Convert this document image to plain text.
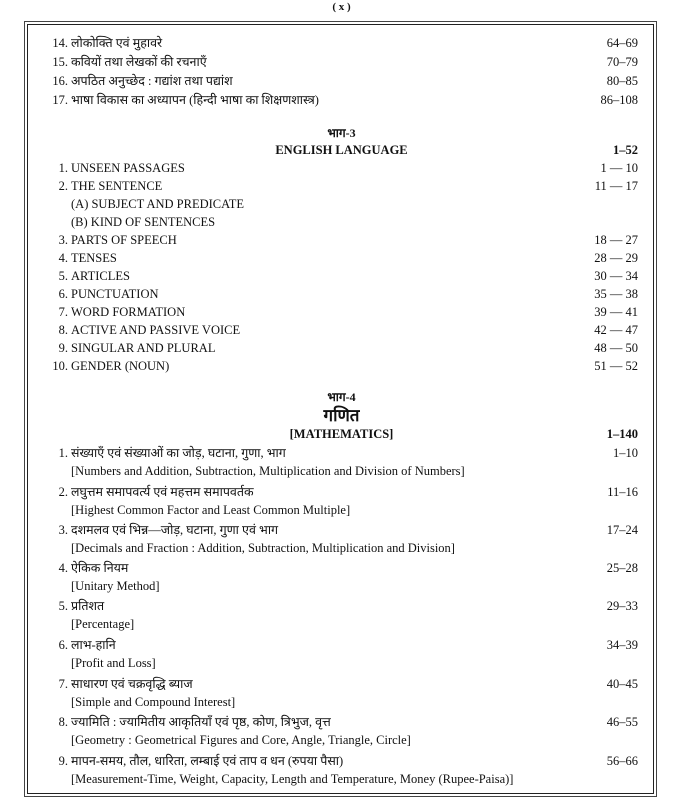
( x )
14. लोकोक्ति एवं मुहावरे	64–69
15. कवियों तथा लेखकों की रचनाएँ	70–79
16. अपठित अनुच्छेद : गद्यांश तथा पद्यांश	80–85
17. भाषा विकास का अध्यापन (हिन्दी भाषा का शिक्षणशास्त्र)	86–108
भाग-3
ENGLISH LANGUAGE	1–52
1. UNSEEN PASSAGES	1 — 10
2. THE SENTENCE	11 — 17
(A) SUBJECT AND PREDICATE
(B) KIND OF SENTENCES
3. PARTS OF SPEECH	18 — 27
4. TENSES	28 — 29
5. ARTICLES	30 — 34
6. PUNCTUATION	35 — 38
7. WORD FORMATION	39 — 41
8. ACTIVE AND PASSIVE VOICE	42 — 47
9. SINGULAR AND PLURAL	48 — 50
10. GENDER (NOUN)	51 — 52
भाग-4
गणित
[MATHEMATICS]	1–140
1. संख्याएँ एवं संख्याओं का जोड़, घटाना, गुणा, भाग	1–10
[Numbers and Addition, Subtraction, Multiplication and Division of Numbers]
2. लघुत्तम समापवर्त्य एवं महत्तम समापवर्तक	11–16
[Highest Common Factor and Least Common Multiple]
3. दशमलव एवं भिन्न—जोड़, घटाना, गुणा एवं भाग	17–24
[Decimals and Fraction : Addition, Subtraction, Multiplication and Division]
4. ऐकिक नियम	25–28
[Unitary Method]
5. प्रतिशत	29–33
[Percentage]
6. लाभ-हानि	34–39
[Profit and Loss]
7. साधारण एवं चक्रवृद्धि ब्याज	40–45
[Simple and Compound Interest]
8. ज्यामिति : ज्यामितीय आकृतियाँ एवं पृष्ठ, कोण, त्रिभुज, वृत्त	46–55
[Geometry : Geometrical Figures and Core, Angle, Triangle, Circle]
9. मापन-समय, तौल, धारिता, लम्बाई एवं ताप व धन (रुपया पैसा)	56–66
[Measurement-Time, Weight, Capacity, Length and Temperature, Money (Rupee-Paisa)]
